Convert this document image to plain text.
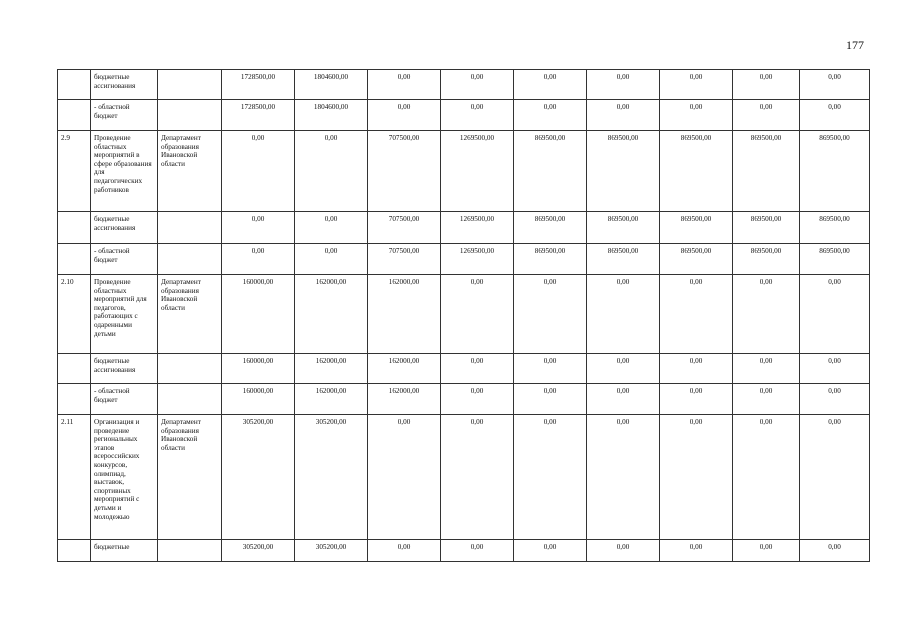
177
	бюджетные ассигнования		1728500,00	1804600,00	0,00	0,00	0,00	0,00	0,00	0,00	0,00
	- областной бюджет		1728500,00	1804600,00	0,00	0,00	0,00	0,00	0,00	0,00	0,00
2.9	Проведение областных мероприятий в сфере образования для педагогических работников	Департамент образования Ивановской области	0,00	0,00	707500,00	1269500,00	869500,00	869500,00	869500,00	869500,00	869500,00
	бюджетные ассигнования		0,00	0,00	707500,00	1269500,00	869500,00	869500,00	869500,00	869500,00	869500,00
	- областной бюджет		0,00	0,00	707500,00	1269500,00	869500,00	869500,00	869500,00	869500,00	869500,00
2.10	Проведение областных мероприятий для педагогов, работающих с одаренными детьми	Департамент образования Ивановской области	160000,00	162000,00	162000,00	0,00	0,00	0,00	0,00	0,00	0,00
	бюджетные ассигнования		160000,00	162000,00	162000,00	0,00	0,00	0,00	0,00	0,00	0,00
	- областной бюджет		160000,00	162000,00	162000,00	0,00	0,00	0,00	0,00	0,00	0,00
2.11	Организация и проведение региональных этапов всероссийских конкурсов, олимпиад, выставок, спортивных мероприятий с детьми и молодежью	Департамент образования Ивановской области	305200,00	305200,00	0,00	0,00	0,00	0,00	0,00	0,00	0,00
	бюджетные		305200,00	305200,00	0,00	0,00	0,00	0,00	0,00	0,00	0,00
